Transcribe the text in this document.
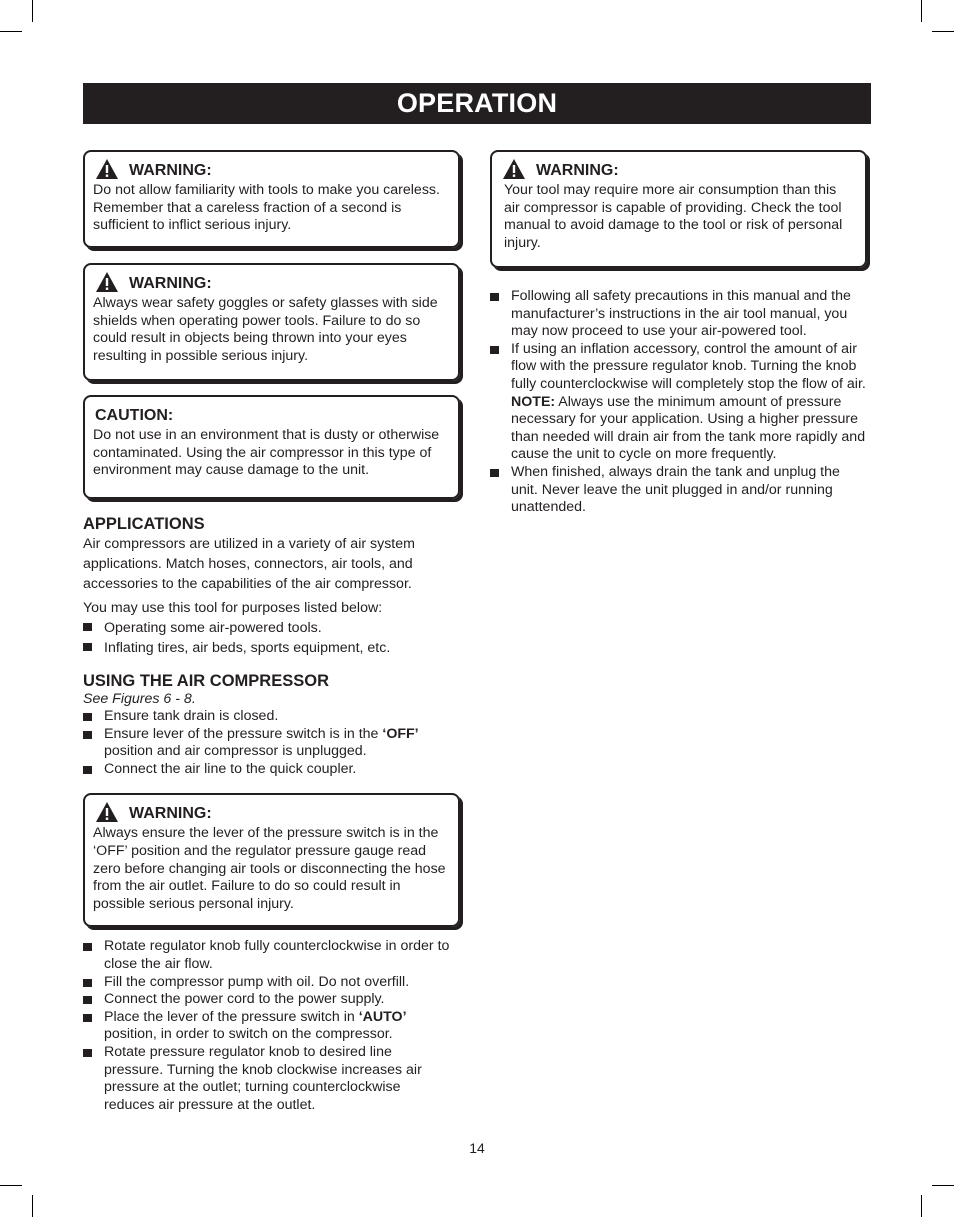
OPERATION
WARNING:

Do not allow familiarity with tools to make you careless. Remember that a careless fraction of a second is sufficient to inflict serious injury.

WARNING:

Always wear safety goggles or safety glasses with side shields when operating power tools. Failure to do so could result in objects being thrown into your eyes resulting in possible serious injury.

CAUTION:

Do not use in an environment that is dusty or otherwise contaminated. Using the air compressor in this type of environment may cause damage to the unit.

APPLICATIONS

Air compressors are utilized in a variety of air system applications. Match hoses, connectors, air tools, and accessories to the capabilities of the air compressor.

You may use this tool for purposes listed below:

Operating some air-powered tools.
Inflating tires, air beds, sports equipment, etc.
USING THE AIR COMPRESSOR
See Figures 6 - 8.
Ensure tank drain is closed.
Ensure lever of the pressure switch is in the ‘OFF’ position and air compressor is unplugged.
Connect the air line to the quick coupler.
WARNING:

Always ensure the lever of the pressure switch is in the ‘OFF’ position and the regulator pressure gauge read zero before changing air tools or disconnecting the hose from the air outlet. Failure to do so could result in possible serious personal injury.

Rotate regulator knob fully counterclockwise in order to close the air flow.
Fill the compressor pump with oil. Do not overfill.
Connect the power cord to the power supply.
Place the lever of the pressure switch in ‘AUTO’ position, in order to switch on the compressor.
Rotate pressure regulator knob to desired line pressure. Turning the knob clockwise increases air pressure at the outlet; turning counterclockwise reduces air pressure at the outlet.
WARNING:

Your tool may require more air consumption than this air compressor is capable of providing. Check the tool manual to avoid damage to the tool or risk of personal injury.

Following all safety precautions in this manual and the manufacturer’s instructions in the air tool manual, you may now proceed to use your air-powered tool.
If using an inflation accessory, control the amount of air flow with the pressure regulator knob. Turning the knob fully counterclockwise will completely stop the flow of air.
NOTE: Always use the minimum amount of pressure necessary for your application. Using a higher pressure than needed will drain air from the tank more rapidly and cause the unit to cycle on more frequently.
When finished, always drain the tank and unplug the unit. Never leave the unit plugged in and/or running unattended.
14
